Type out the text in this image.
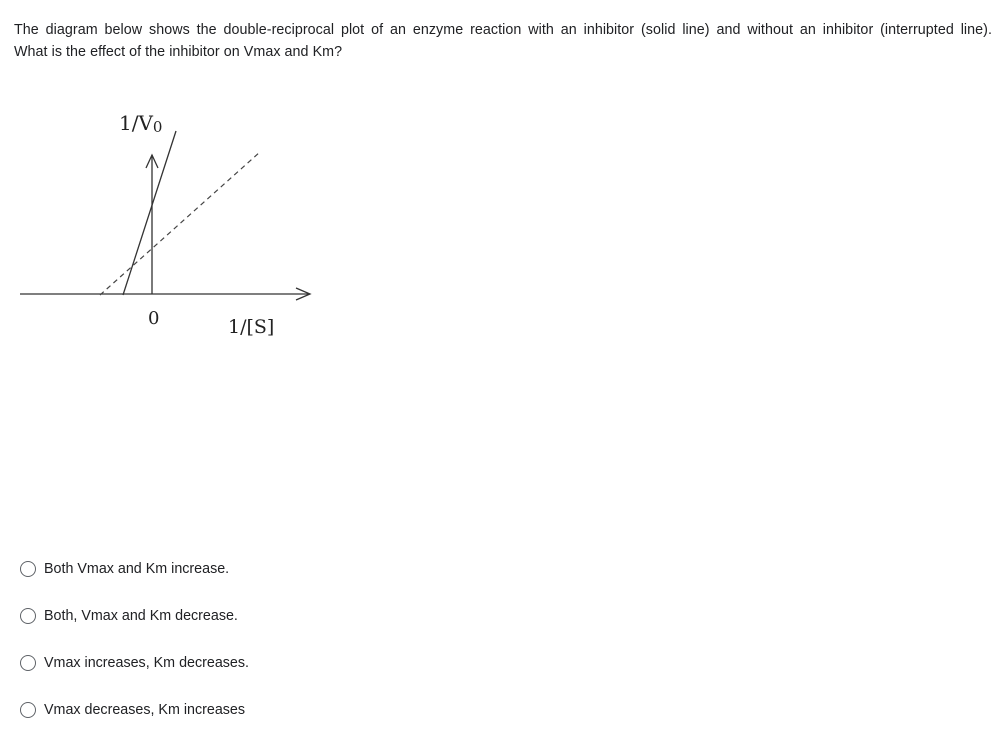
The diagram below shows the double-reciprocal plot of an enzyme reaction with an inhibitor (solid line) and without an inhibitor (interrupted line).
What is the effect of the inhibitor on Vmax and Km?

1/V0
0	1/[S]
Both Vmax and Km increase.
Both, Vmax and Km decrease.
Vmax increases, Km decreases.
Vmax decreases, Km increases
